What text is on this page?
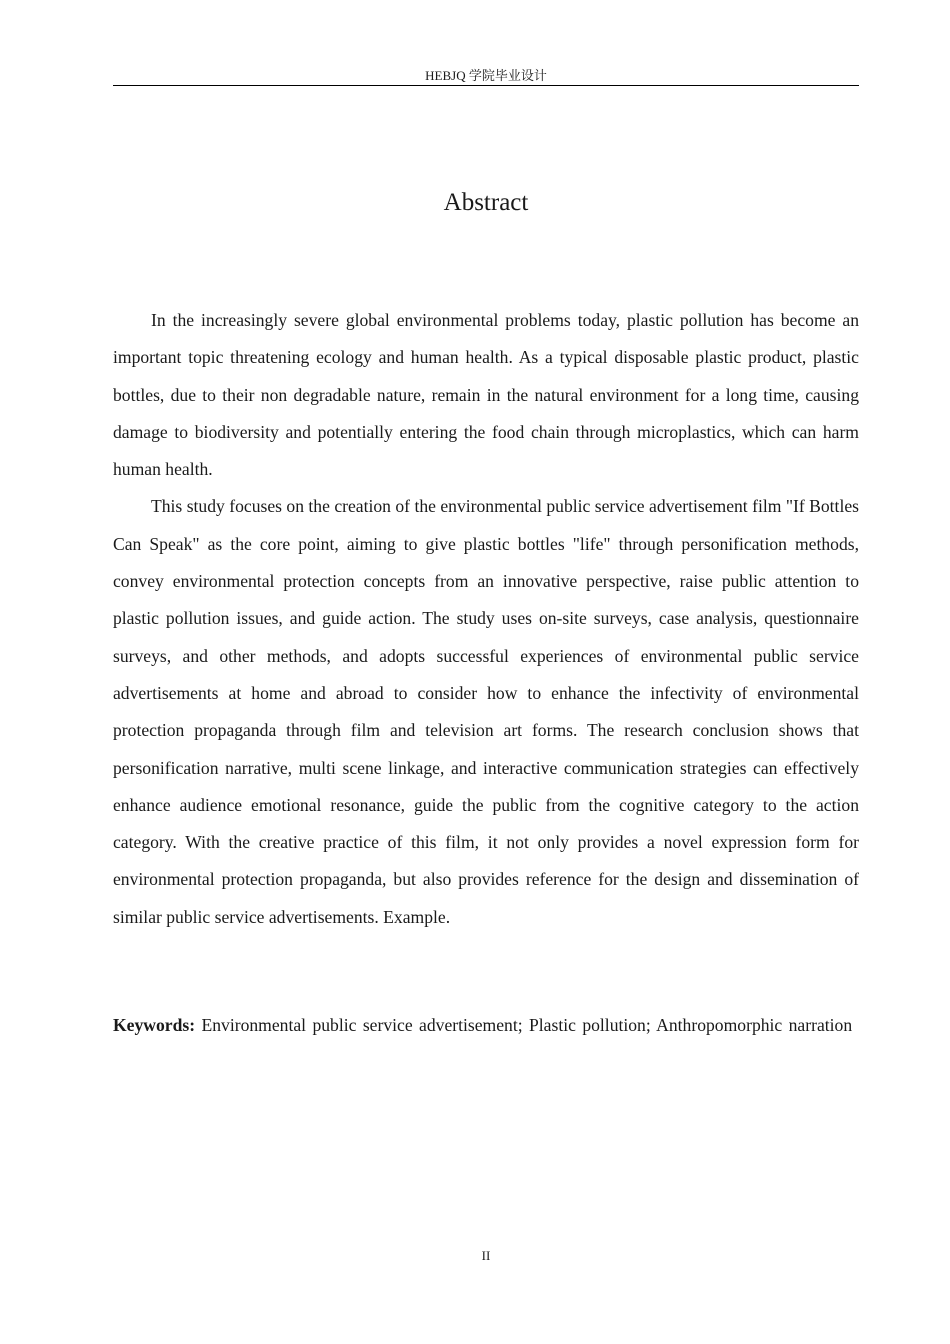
HEBJQ 学院毕业设计
Abstract

In the increasingly severe global environmental problems today, plastic pollution has become an important topic threatening ecology and human health. As a typical disposable plastic product, plastic bottles, due to their non degradable nature, remain in the natural environment for a long time, causing damage to biodiversity and potentially entering the food chain through microplastics, which can harm human health.

This study focuses on the creation of the environmental public service advertisement film "If Bottles Can Speak" as the core point, aiming to give plastic bottles "life" through personification methods, convey environmental protection concepts from an innovative perspective, raise public attention to plastic pollution issues, and guide action. The study uses on-site surveys, case analysis, questionnaire surveys, and other methods, and adopts successful experiences of environmental public service advertisements at home and abroad to consider how to enhance the infectivity of environmental protection propaganda through film and television art forms. The research conclusion shows that personification narrative, multi scene linkage, and interactive communication strategies can effectively enhance audience emotional resonance, guide the public from the cognitive category to the action category. With the creative practice of this film, it not only provides a novel expression form for environmental protection propaganda, but also provides reference for the design and dissemination of similar public service advertisements. Example.

Keywords: Environmental public service advertisement; Plastic pollution; Anthropomorphic narration
II
